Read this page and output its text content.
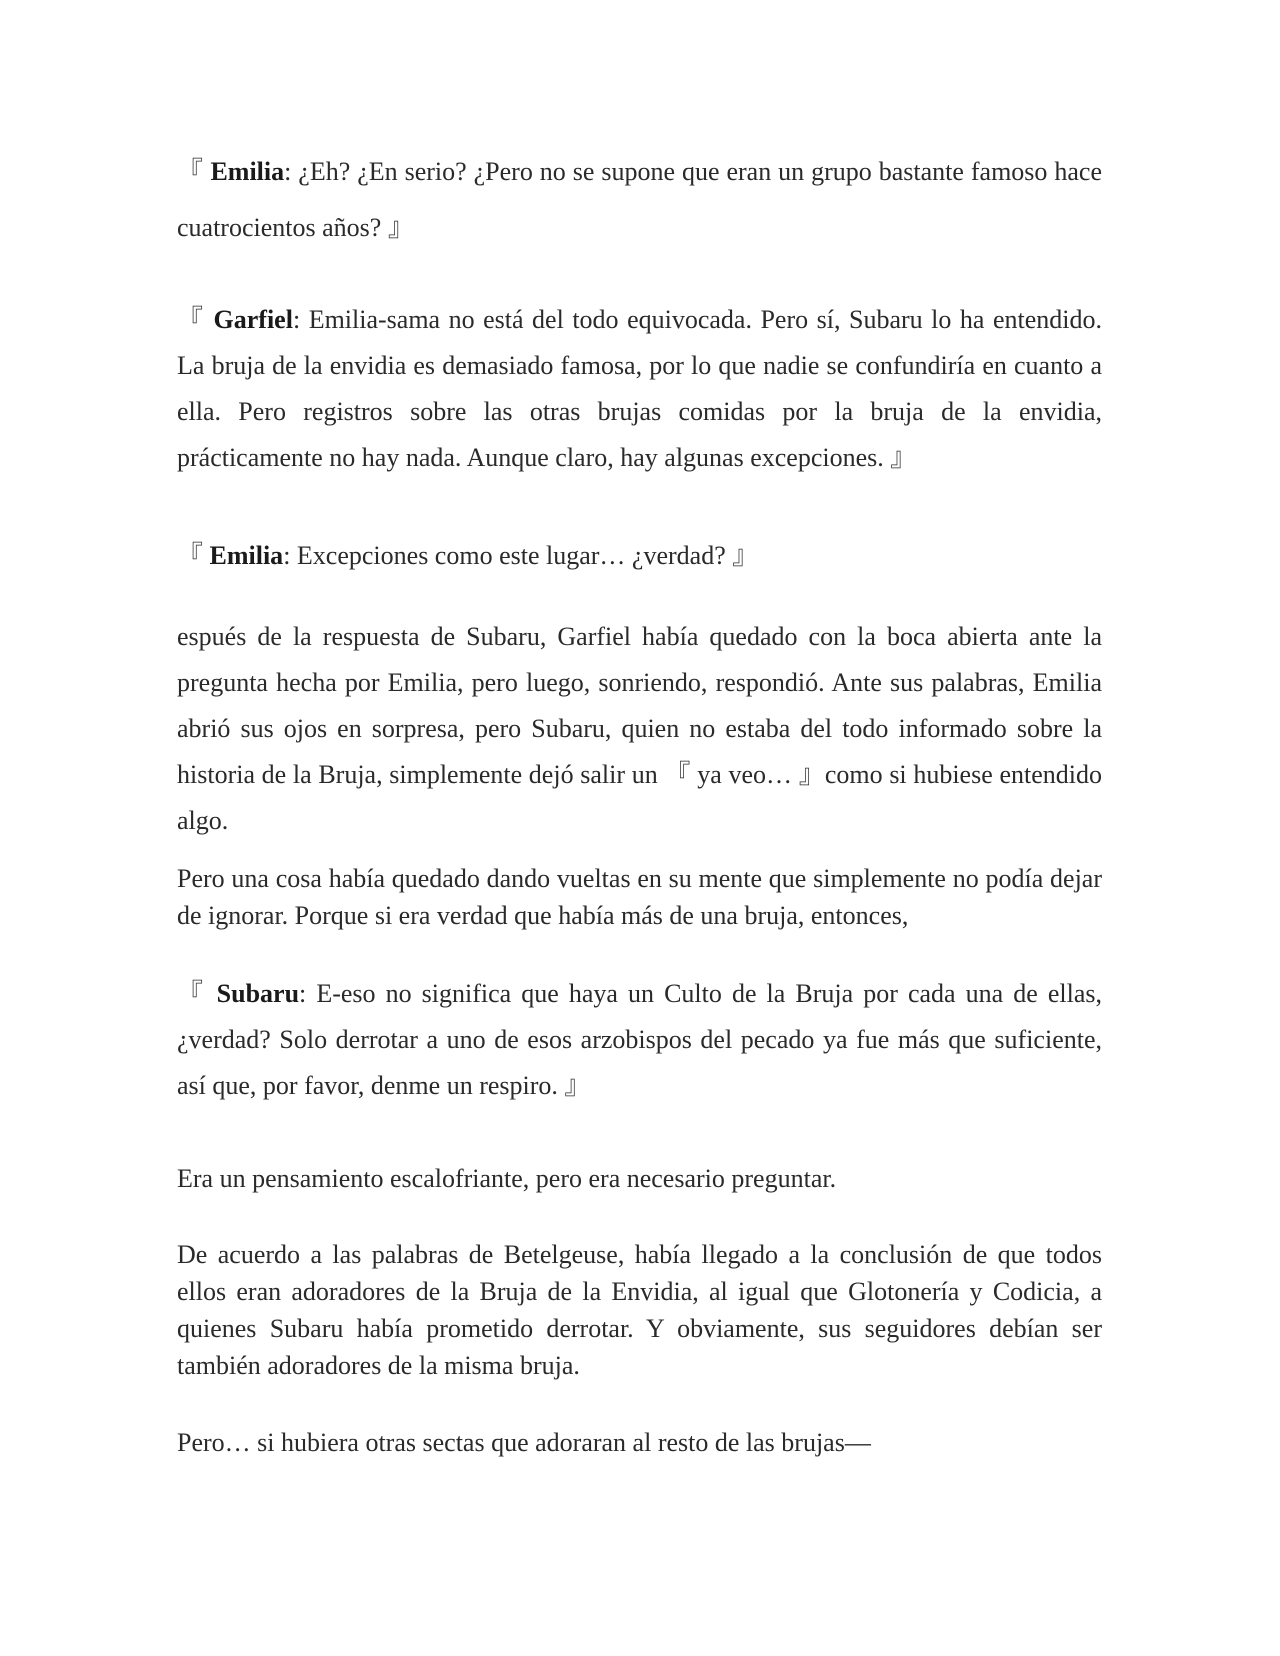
『 Emilia: ¿Eh? ¿En serio? ¿Pero no se supone que eran un grupo bastante famoso hace cuatrocientos años? 』

『 Garfiel: Emilia-sama no está del todo equivocada. Pero sí, Subaru lo ha entendido. La bruja de la envidia es demasiado famosa, por lo que nadie se confundiría en cuanto a ella. Pero registros sobre las otras brujas comidas por la bruja de la envidia, prácticamente no hay nada. Aunque claro, hay algunas excepciones. 』

『 Emilia: Excepciones como este lugar… ¿verdad? 』

espués de la respuesta de Subaru, Garfiel había quedado con la boca abierta ante la pregunta hecha por Emilia, pero luego, sonriendo, respondió. Ante sus palabras, Emilia abrió sus ojos en sorpresa, pero Subaru, quien no estaba del todo informado sobre la historia de la Bruja, simplemente dejó salir un 『 ya veo… 』como si hubiese entendido algo.

Pero una cosa había quedado dando vueltas en su mente que simplemente no podía dejar de ignorar. Porque si era verdad que había más de una bruja, entonces,

『 Subaru: E-eso no significa que haya un Culto de la Bruja por cada una de ellas, ¿verdad? Solo derrotar a uno de esos arzobispos del pecado ya fue más que suficiente, así que, por favor, denme un respiro. 』

Era un pensamiento escalofriante, pero era necesario preguntar.

De acuerdo a las palabras de Betelgeuse, había llegado a la conclusión de que todos ellos eran adoradores de la Bruja de la Envidia, al igual que Glotonería y Codicia, a quienes Subaru había prometido derrotar. Y obviamente, sus seguidores debían ser también adoradores de la misma bruja.

Pero… si hubiera otras sectas que adoraran al resto de las brujas—
